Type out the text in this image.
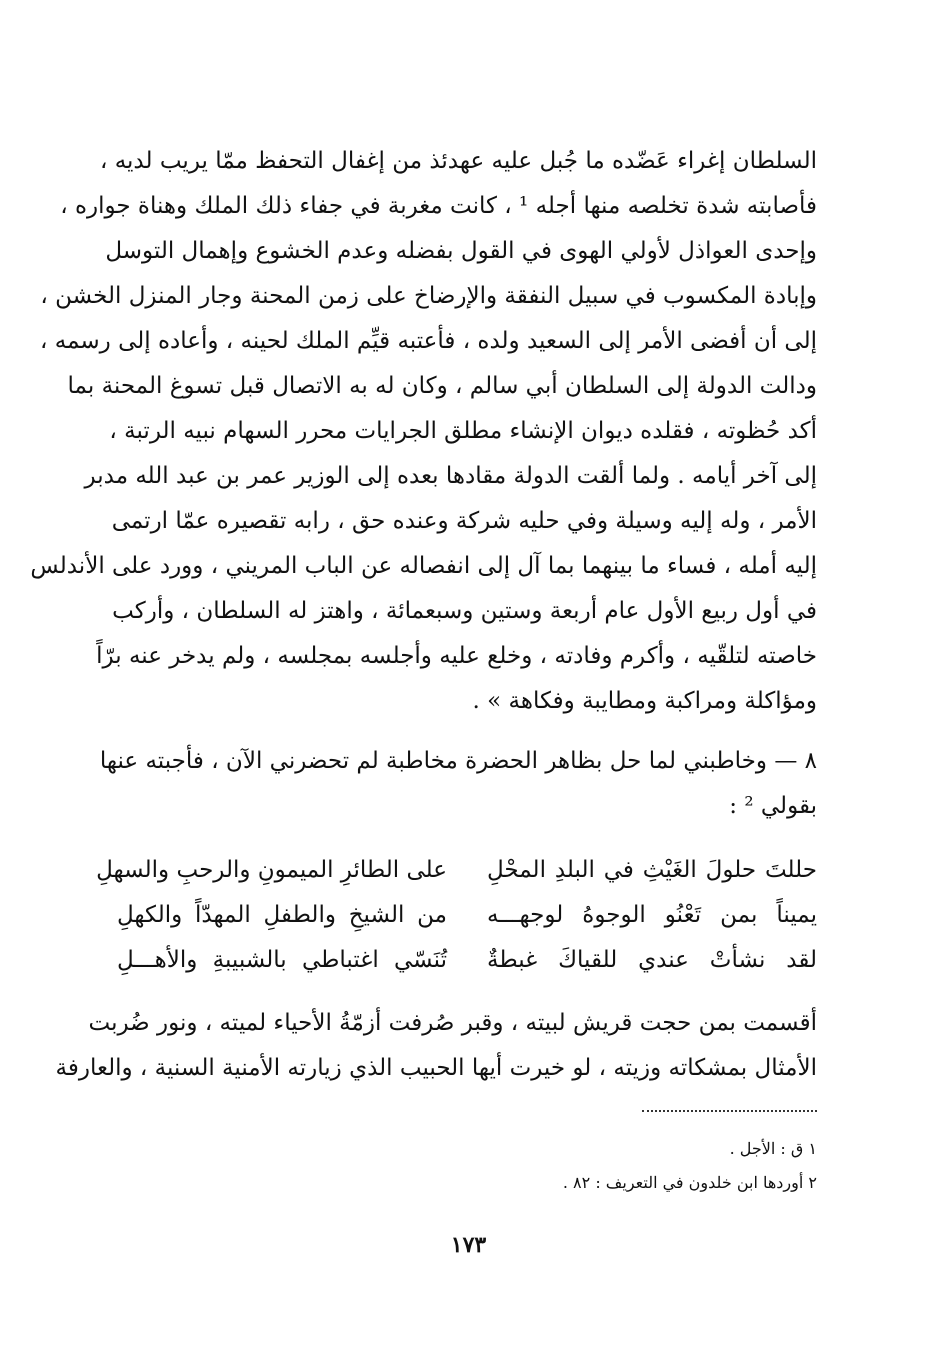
السلطان إغراء عَضّده ما جُبل عليه عهدئذ من إغفال التحفظ ممّا يريب لديه ،
فأصابته شدة تخلصه منها أجله ¹ ، كانت مغربة في جفاء ذلك الملك وهناة جواره ،
وإحدى العواذل لأولي الهوى في القول بفضله وعدم الخشوع وإهمال التوسل
وإبادة المكسوب في سبيل النفقة والإرضاخ على زمن المحنة وجار المنزل الخشن ،
إلى أن أفضى الأمر إلى السعيد ولده ، فأعتبه قيِّم الملك لحينه ، وأعاده إلى رسمه ،
ودالت الدولة إلى السلطان أبي سالم ، وكان له به الاتصال قبل تسوغ المحنة بما
أكد حُظوته ، فقلده ديوان الإنشاء مطلق الجرايات محرر السهام نبيه الرتبة ،
إلى آخر أيامه . ولما ألقت الدولة مقادها بعده إلى الوزير عمر بن عبد الله مدبر
الأمر ، وله إليه وسيلة وفي حليه شركة وعنده حق ، رابه تقصيره عمّا ارتمى
إليه أمله ، فساء ما بينهما بما آل إلى انفصاله عن الباب المريني ، وورد على الأندلس
في أول ربيع الأول عام أربعة وستين وسبعمائة ، واهتز له السلطان ، وأركب
خاصته لتلقّيه ، وأكرم وفادته ، وخلع عليه وأجلسه بمجلسه ، ولم يدخر عنه برّاً
ومؤاكلة ومراكبة ومطايبة وفكاهة » .
٨ — وخاطبني لما حل بظاهر الحضرة مخاطبة لم تحضرني الآن ، فأجبته عنها
بقولي ² :
حللتَ حلولَ الغَيْثِ في البلدِ المحْلِ
على الطائرِ الميمونِ والرحبِ والسهلِ
يميناً بمن تَعْنُو الوجوهُ لوجهـــه
من الشيخِ والطفلِ المهدّاً والكهلِ
لقد نشأتْ عندي للقياكَ غبطةٌ
تُنَسّي اغتباطي بالشبيبةِ والأهـــلِ
أقسمت بمن حجت قريش لبيته ، وقبر صُرفت أزمّةُ الأحياء لميته ، ونور ضُربت
الأمثال بمشكاته وزيته ، لو خيرت أيها الحبيب الذي زيارته الأمنية السنية ، والعارفة
١ ق : الأجل .
٢ أوردها ابن خلدون في التعريف : ٨٢ .
١٧٣
